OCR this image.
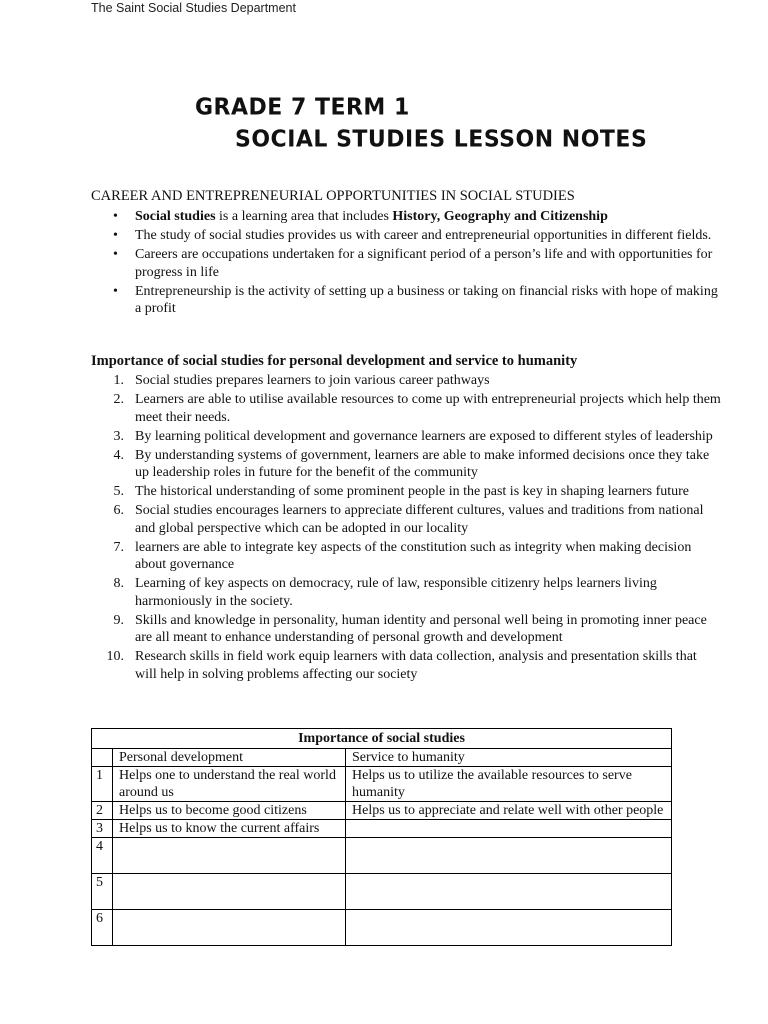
The Saint Social Studies Department
GRADE 7 TERM 1
SOCIAL STUDIES LESSON NOTES
CAREER AND ENTREPRENEURIAL OPPORTUNITIES IN SOCIAL STUDIES
• Social studies is a learning area that includes History, Geography and Citizenship
• The study of social studies provides us with career and entrepreneurial opportunities in different fields.
• Careers are occupations undertaken for a significant period of a person’s life and with opportunities for progress in life
• Entrepreneurship is the activity of setting up a business or taking on financial risks with hope of making a profit
Importance of social studies for personal development and service to humanity
1. Social studies prepares learners to join various career pathways
2. Learners are able to utilise available resources to come up with entrepreneurial projects which help them meet their needs.
3. By learning political development and governance learners are exposed to different styles of leadership
4. By understanding systems of government, learners are able to make informed decisions once they take up leadership roles in future for the benefit of the community
5. The historical understanding of some prominent people in the past is key in shaping learners future
6. Social studies encourages learners to appreciate different cultures, values and traditions from national and global perspective which can be adopted in our locality
7. learners are able to integrate key aspects of the constitution such as integrity when making decision about governance
8. Learning of key aspects on democracy, rule of law, responsible citizenry helps learners living harmoniously in the society.
9. Skills and knowledge in personality, human identity and personal well being in promoting inner peace are all meant to enhance understanding of personal growth and development
10. Research skills in field work equip learners with data collection, analysis and presentation skills that will help in solving problems affecting our society
Importance of social studies		
	Personal development	Service to humanity
1	Helps one to understand the real world around us	Helps us to utilize the available resources to serve humanity
2	Helps us to become good citizens	Helps us to appreciate and relate well with other people
3	Helps us to know the current affairs	
4		
5		
6		
